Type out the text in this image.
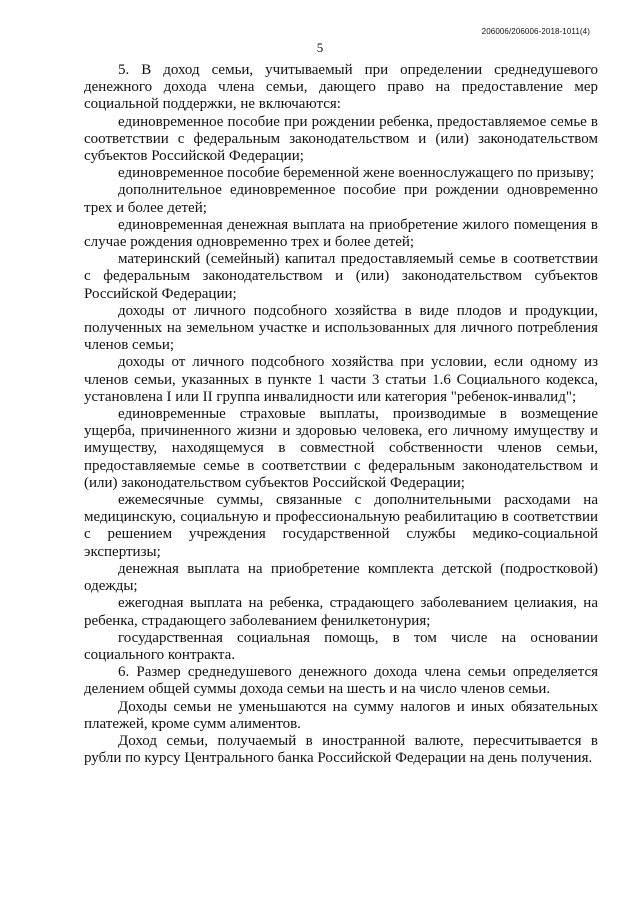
206006/206006-2018-1011(4)
5

5. В доход семьи, учитываемый при определении среднедушевого денежного дохода члена семьи, дающего право на предоставление мер социальной поддержки, не включаются:

единовременное пособие при рождении ребенка, предоставляемое семье в соответствии с федеральным законодательством и (или) законодательством субъектов Российской Федерации;

единовременное пособие беременной жене военнослужащего по призыву;

дополнительное единовременное пособие при рождении одновременно трех и более детей;

единовременная денежная выплата на приобретение жилого помещения в случае рождения одновременно трех и более детей;

материнский (семейный) капитал предоставляемый семье в соответствии с федеральным законодательством и (или) законодательством субъектов Российской Федерации;

доходы от личного подсобного хозяйства в виде плодов и продукции, полученных на земельном участке и использованных для личного потребления членов семьи;

доходы от личного подсобного хозяйства при условии, если одному из членов семьи, указанных в пункте 1 части 3 статьи 1.6 Социального кодекса, установлена I или II группа инвалидности или категория "ребенок-инвалид";

единовременные страховые выплаты, производимые в возмещение ущерба, причиненного жизни и здоровью человека, его личному имуществу и имуществу, находящемуся в совместной собственности членов семьи, предоставляемые семье в соответствии с федеральным законодательством и (или) законодательством субъектов Российской Федерации;

ежемесячные суммы, связанные с дополнительными расходами на медицинскую, социальную и профессиональную реабилитацию в соответствии с решением учреждения государственной службы медико-социальной экспертизы;

денежная выплата на приобретение комплекта детской (подростковой) одежды;

ежегодная выплата на ребенка, страдающего заболеванием целиакия, на ребенка, страдающего заболеванием фенилкетонурия;

государственная социальная помощь, в том числе на основании социального контракта.

6. Размер среднедушевого денежного дохода члена семьи определяется делением общей суммы дохода семьи на шесть и на число членов семьи.

Доходы семьи не уменьшаются на сумму налогов и иных обязательных платежей, кроме сумм алиментов.

Доход семьи, получаемый в иностранной валюте, пересчитывается в рубли по курсу Центрального банка Российской Федерации на день получения.
